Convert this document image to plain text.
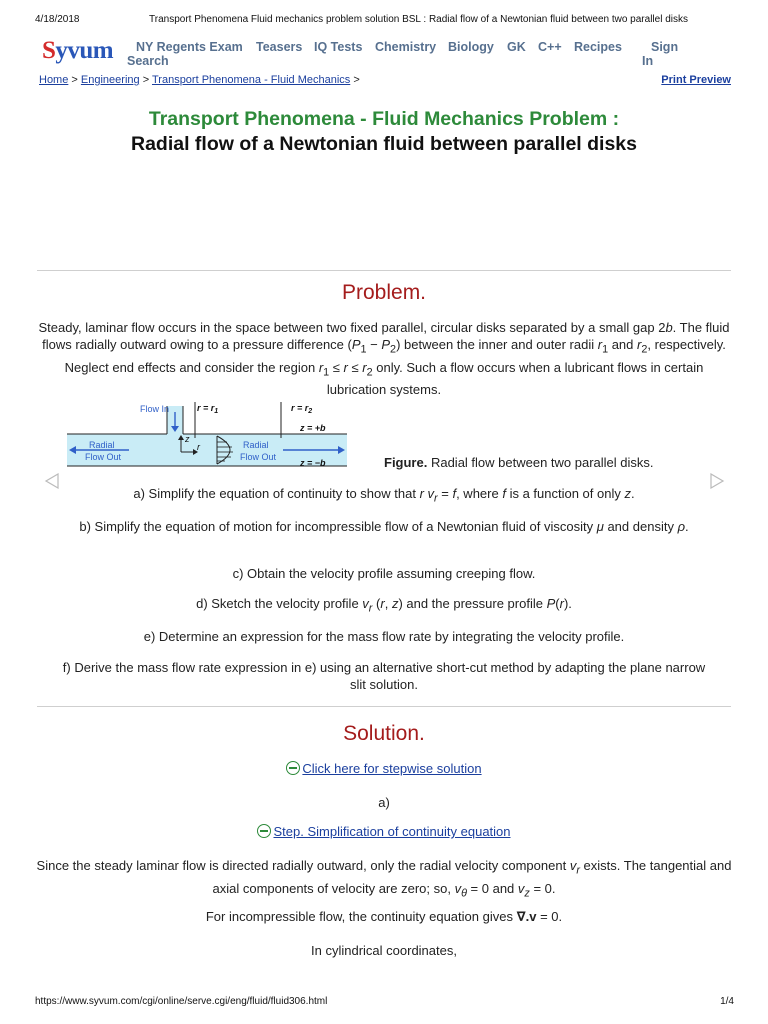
4/18/2018	Transport Phenomena Fluid mechanics problem solution BSL : Radial flow of a Newtonian fluid between two parallel disks
Syvum NY Regents Exam Teasers IQ Tests Chemistry Biology GK C++ Recipes Sign
Search	In
Home > Engineering > Transport Phenomena - Fluid Mechanics >	Print Preview
Transport Phenomena - Fluid Mechanics Problem :
Radial flow of a Newtonian fluid between parallel disks
Problem.
Steady, laminar flow occurs in the space between two fixed parallel, circular disks separated by a small gap 2b. The fluid flows radially outward owing to a pressure difference $(P_1 - P_2)$ between the inner and outer radii $r_1$ and $r_2$, respectively. Neglect end effects and consider the region $r_1 \le r \le r_2$ only. Such a flow occurs when a lubricant flows in certain lubrication systems.
Flow In	$r = r_1$	$r = r_2$
z = +b
z = −b
z
r
Radial
Flow Out
Radial
Flow Out	Figure. Radial flow between two parallel disks.
a) Simplify the equation of continuity to show that r $v_r = f$, where f is a function of only z.
b) Simplify the equation of motion for incompressible flow of a Newtonian fluid of viscosity μ and density ρ.
c) Obtain the velocity profile assuming creeping flow.
d) Sketch the velocity profile $v_r$ (r, z) and the pressure profile P(r).
e) Determine an expression for the mass flow rate by integrating the velocity profile.
f) Derive the mass flow rate expression in e) using an alternative short-cut method by adapting the plane narrow slit solution.
Solution.
Click here for stepwise solution
a)
Step. Simplification of continuity equation
Since the steady laminar flow is directed radially outward, only the radial velocity component $v_r$ exists. The tangential and axial components of velocity are zero; so, $v_\theta = 0$ and $v_z = 0$.
For incompressible flow, the continuity equation gives ∇.v = 0.
In cylindrical coordinates,
https://www.syvum.com/cgi/online/serve.cgi/eng/fluid/fluid306.html	1/4
